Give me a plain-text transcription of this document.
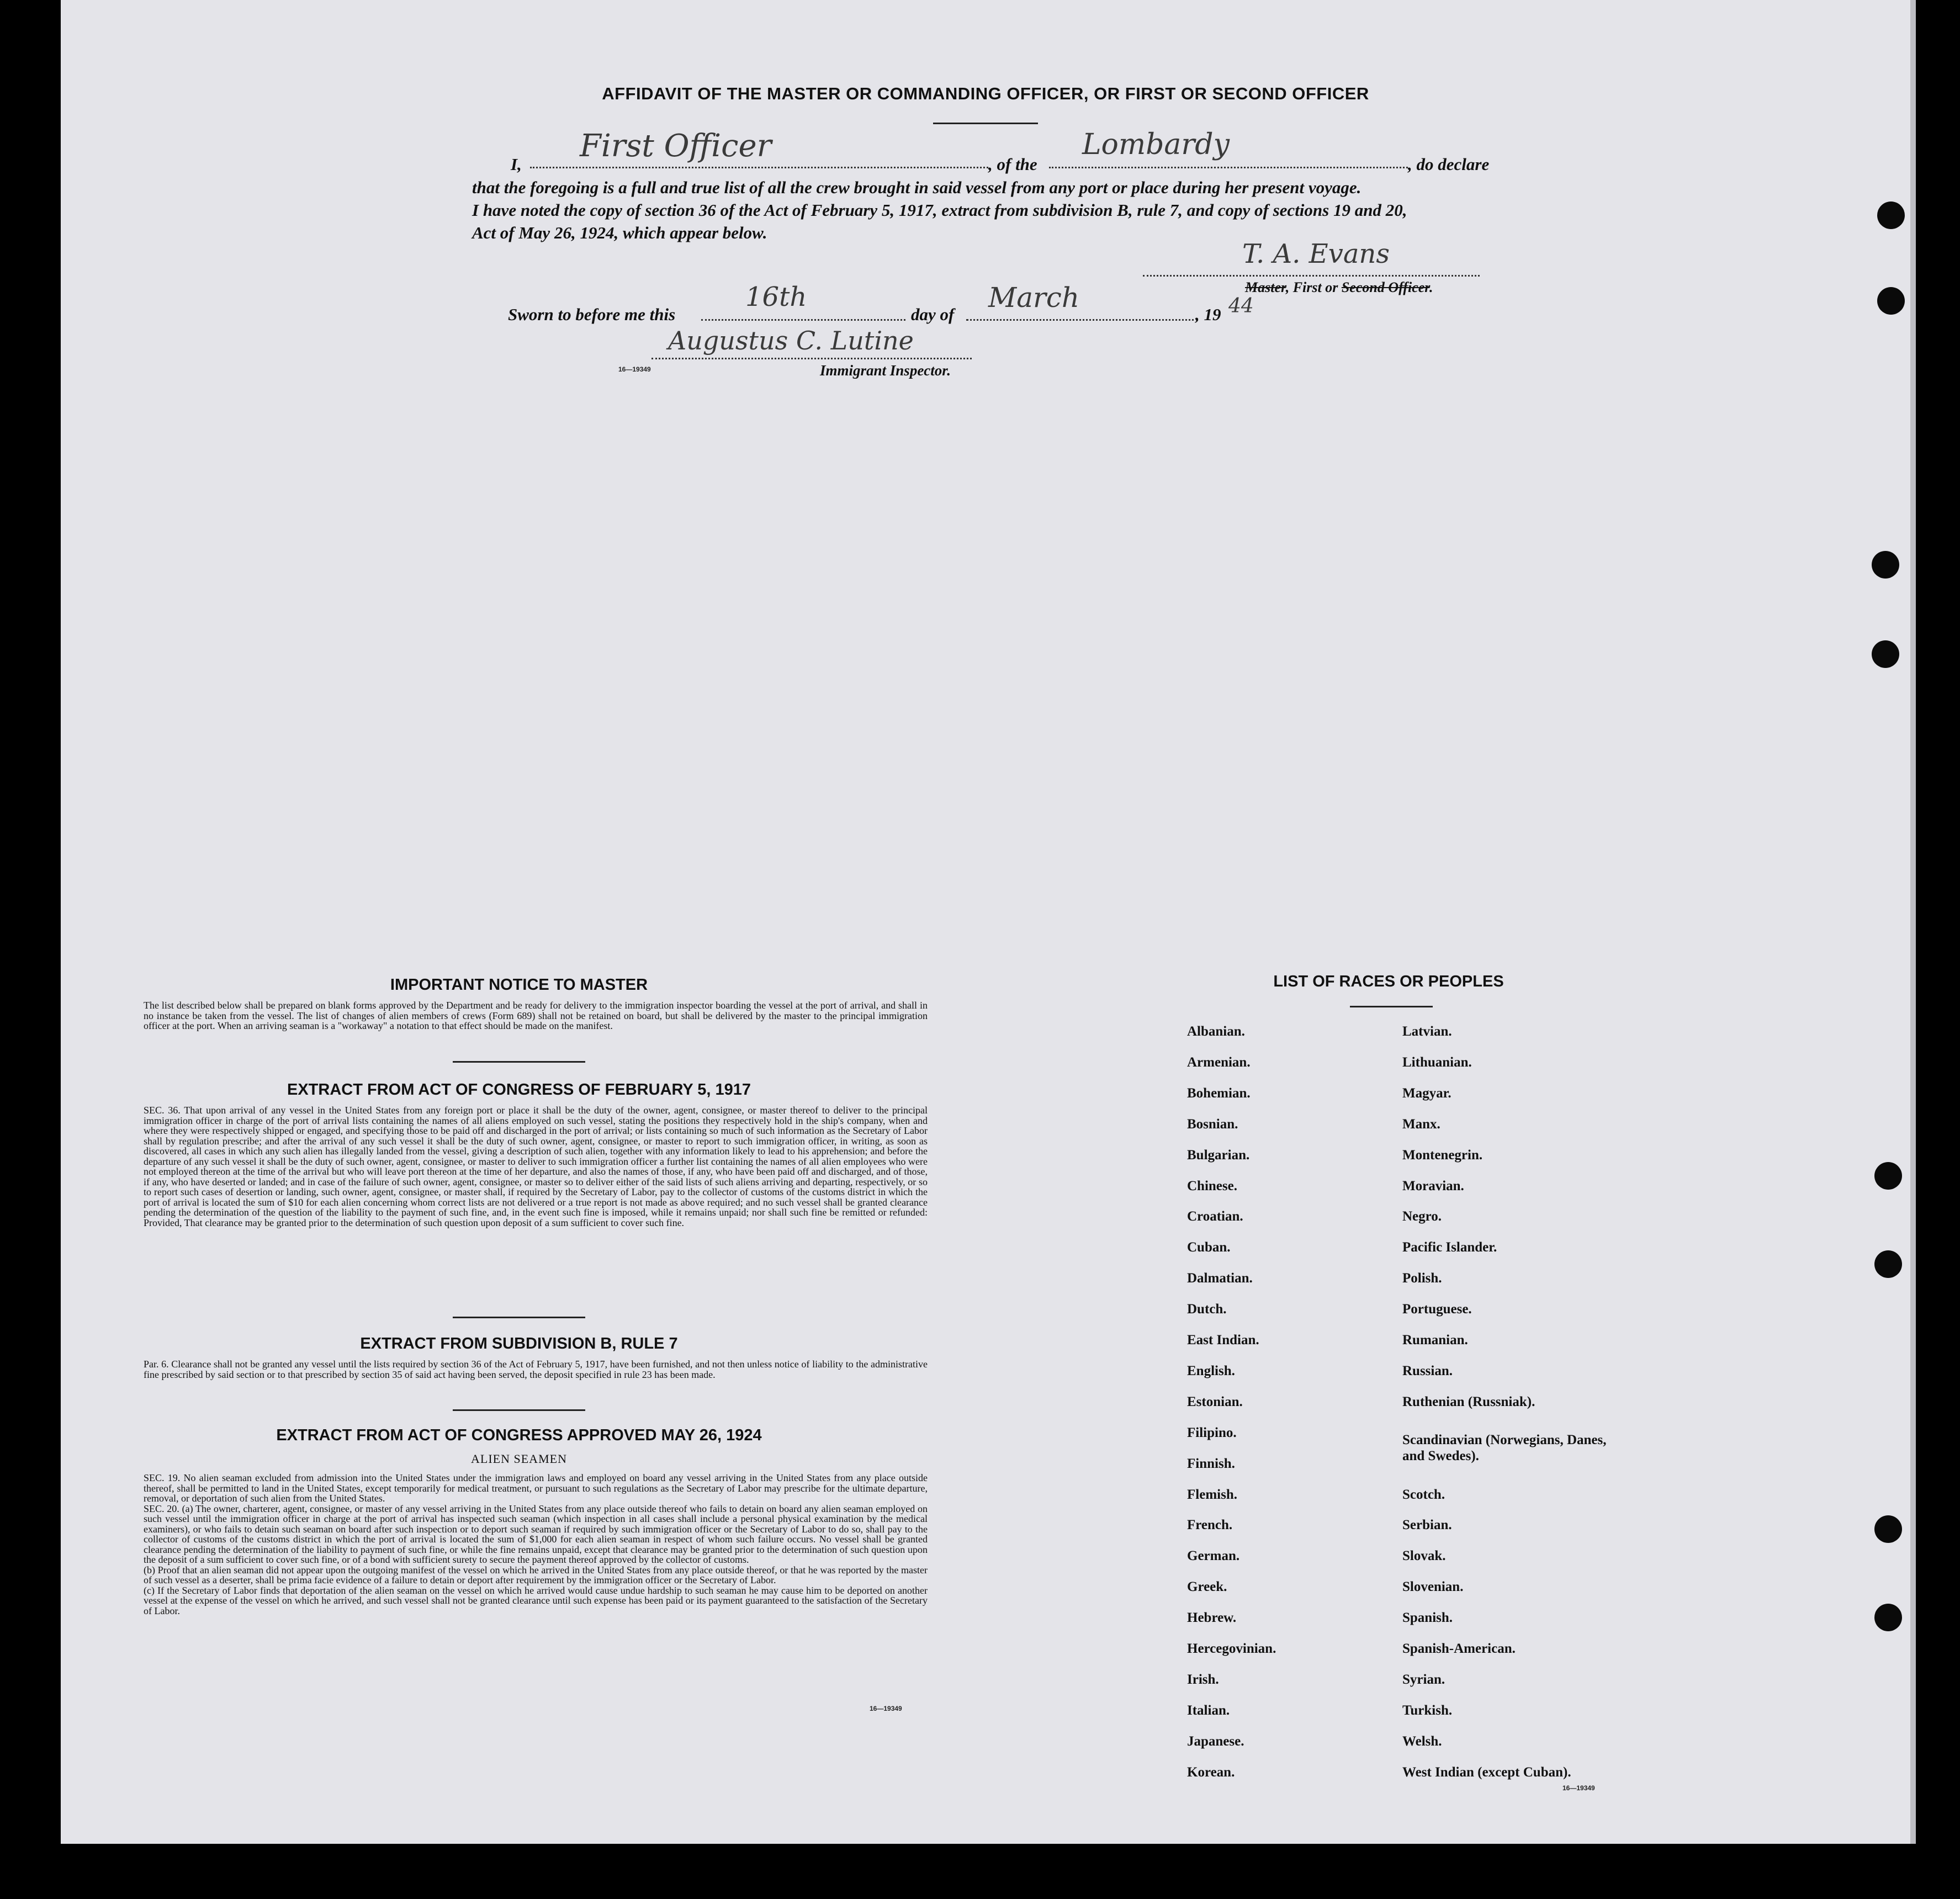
AFFIDAVIT OF THE MASTER OR COMMANDING OFFICER, OR FIRST OR SECOND OFFICER
I,
First Officer
, of the
Lombardy
, do declare
that the foregoing is a full and true list of all the crew brought in said vessel from any port or place during her present voyage.
I have noted the copy of section 36 of the Act of February 5, 1917, extract from subdivision B, rule 7, and copy of sections 19 and 20,
Act of May 26, 1924, which appear below.
T. A. Evans
Master, First or Second Officer.
Sworn to before me this
16th
day of
March
, 19 44
Augustus C. Lutine
16—19349	Immigrant Inspector.
IMPORTANT NOTICE TO MASTER
The list described below shall be prepared on blank forms approved by the Department and be ready for delivery to the immigration inspector boarding the vessel at the port of arrival, and shall in no instance be taken from the vessel. The list of changes of alien members of crews (Form 689) shall not be retained on board, but shall be delivered by the master to the principal immigration officer at the port. When an arriving seaman is a "workaway" a notation to that effect should be made on the manifest.
EXTRACT FROM ACT OF CONGRESS OF FEBRUARY 5, 1917
SEC. 36. That upon arrival of any vessel in the United States from any foreign port or place it shall be the duty of the owner, agent, consignee, or master thereof to deliver to the principal immigration officer in charge of the port of arrival lists containing the names of all aliens employed on such vessel, stating the positions they respectively hold in the ship's company, when and where they were respectively shipped or engaged, and specifying those to be paid off and discharged in the port of arrival; or lists containing so much of such information as the Secretary of Labor shall by regulation prescribe; and after the arrival of any such vessel it shall be the duty of such owner, agent, consignee, or master to report to such immigration officer, in writing, as soon as discovered, all cases in which any such alien has illegally landed from the vessel, giving a description of such alien, together with any information likely to lead to his apprehension; and before the departure of any such vessel it shall be the duty of such owner, agent, consignee, or master to deliver to such immigration officer a further list containing the names of all alien employees who were not employed thereon at the time of the arrival but who will leave port thereon at the time of her departure, and also the names of those, if any, who have been paid off and discharged, and of those, if any, who have deserted or landed; and in case of the failure of such owner, agent, consignee, or master so to deliver either of the said lists of such aliens arriving and departing, respectively, or so to report such cases of desertion or landing, such owner, agent, consignee, or master shall, if required by the Secretary of Labor, pay to the collector of customs of the customs district in which the port of arrival is located the sum of $10 for each alien concerning whom correct lists are not delivered or a true report is not made as above required; and no such vessel shall be granted clearance pending the determination of the question of the liability to the payment of such fine, and, in the event such fine is imposed, while it remains unpaid; nor shall such fine be remitted or refunded: Provided, That clearance may be granted prior to the determination of such question upon deposit of a sum sufficient to cover such fine.
EXTRACT FROM SUBDIVISION B, RULE 7
Par. 6. Clearance shall not be granted any vessel until the lists required by section 36 of the Act of February 5, 1917, have been furnished, and not then unless notice of liability to the administrative fine prescribed by said section or to that prescribed by section 35 of said act having been served, the deposit specified in rule 23 has been made.
EXTRACT FROM ACT OF CONGRESS APPROVED MAY 26, 1924
ALIEN SEAMEN
SEC. 19. No alien seaman excluded from admission into the United States under the immigration laws and employed on board any vessel arriving in the United States from any place outside thereof, shall be permitted to land in the United States, except temporarily for medical treatment, or pursuant to such regulations as the Secretary of Labor may prescribe for the ultimate departure, removal, or deportation of such alien from the United States.
SEC. 20. (a) The owner, charterer, agent, consignee, or master of any vessel arriving in the United States from any place outside thereof who fails to detain on board any alien seaman employed on such vessel until the immigration officer in charge at the port of arrival has inspected such seaman (which inspection in all cases shall include a personal physical examination by the medical examiners), or who fails to detain such seaman on board after such inspection or to deport such seaman if required by such immigration officer or the Secretary of Labor to do so, shall pay to the collector of customs of the customs district in which the port of arrival is located the sum of $1,000 for each alien seaman in respect of whom such failure occurs. No vessel shall be granted clearance pending the determination of the liability to payment of such fine, or while the fine remains unpaid, except that clearance may be granted prior to the determination of such question upon the deposit of a sum sufficient to cover such fine, or of a bond with sufficient surety to secure the payment thereof approved by the collector of customs.
(b) Proof that an alien seaman did not appear upon the outgoing manifest of the vessel on which he arrived in the United States from any place outside thereof, or that he was reported by the master of such vessel as a deserter, shall be prima facie evidence of a failure to detain or deport after requirement by the immigration officer or the Secretary of Labor.
(c) If the Secretary of Labor finds that deportation of the alien seaman on the vessel on which he arrived would cause undue hardship to such seaman he may cause him to be deported on another vessel at the expense of the vessel on which he arrived, and such vessel shall not be granted clearance until such expense has been paid or its payment guaranteed to the satisfaction of the Secretary of Labor.
16—19349
LIST OF RACES OR PEOPLES
Albanian.
Armenian.
Bohemian.
Bosnian.
Bulgarian.
Chinese.
Croatian.
Cuban.
Dalmatian.
Dutch.
East Indian.
English.
Estonian.
Filipino.
Finnish.
Flemish.
French.
German.
Greek.
Hebrew.
Hercegovinian.
Irish.
Italian.
Japanese.
Korean.
Latvian.
Lithuanian.
Magyar.
Manx.
Montenegrin.
Moravian.
Negro.
Pacific Islander.
Polish.
Portuguese.
Rumanian.
Russian.
Ruthenian (Russniak).
Scandinavian (Norwegians, Danes, and Swedes).
Scotch.
Serbian.
Slovak.
Slovenian.
Spanish.
Spanish-American.
Syrian.
Turkish.
Welsh.
West Indian (except Cuban).
16—19349
